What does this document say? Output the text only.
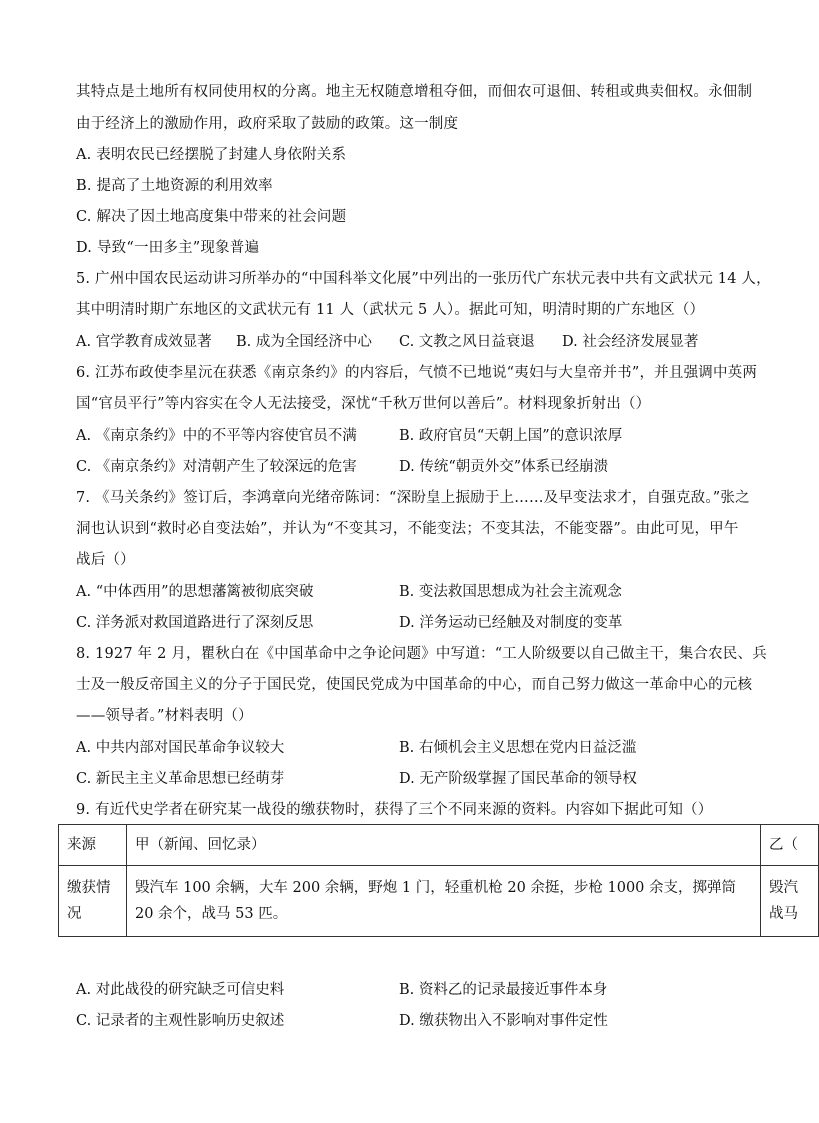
其特点是土地所有权同使用权的分离。地主无权随意增租夺佃，而佃农可退佃、转租或典卖佃权。永佃制
由于经济上的激励作用，政府采取了鼓励的政策。这一制度
A. 表明农民已经摆脱了封建人身依附关系
B. 提高了土地资源的利用效率
C. 解决了因土地高度集中带来的社会问题
D. 导致“一田多主”现象普遍
5. 广州中国农民运动讲习所举办的“中国科举文化展”中列出的一张历代广东状元表中共有文武状元 14 人，
其中明清时期广东地区的文武状元有 11 人（武状元 5 人）。据此可知，明清时期的广东地区（）
A. 官学教育成效显著 B. 成为全国经济中心 C. 文教之风日益衰退 D. 社会经济发展显著
6. 江苏布政使李星沅在获悉《南京条约》的内容后，气愤不已地说“夷妇与大皇帝并书”，并且强调中英两
国“官员平行”等内容实在令人无法接受，深忧“千秋万世何以善后”。材料现象折射出（）
A. 《南京条约》中的不平等内容使官员不满	B. 政府官员“天朝上国”的意识浓厚
C. 《南京条约》对清朝产生了较深远的危害	D. 传统“朝贡外交”体系已经崩溃
7. 《马关条约》签订后，李鸿章向光绪帝陈词：“深盼皇上振励于上……及早变法求才，自强克敌。”张之
洞也认识到“救时必自变法始”，并认为“不变其习，不能变法；不变其法，不能变器”。由此可见，甲午
战后（）
A. “中体西用”的思想藩篱被彻底突破	B. 变法救国思想成为社会主流观念
C. 洋务派对救国道路进行了深刻反思	D. 洋务运动已经触及对制度的变革
8. 1927 年 2 月，瞿秋白在《中国革命中之争论问题》中写道：“工人阶级要以自己做主干，集合农民、兵
士及一般反帝国主义的分子于国民党，使国民党成为中国革命的中心，而自己努力做这一革命中心的元核
——领导者。”材料表明（）
A. 中共内部对国民革命争议较大	B. 右倾机会主义思想在党内日益泛滥
C. 新民主主义革命思想已经萌芽	D. 无产阶级掌握了国民革命的领导权
9. 有近代史学者在研究某一战役的缴获物时，获得了三个不同来源的资料。内容如下据此可知（）
来源	甲（新闻、回忆录）	乙（
缴获情况	毁汽车 100 余辆，大车 200 余辆，野炮 1 门，轻重机枪 20 余挺，步枪 1000 余支，掷弹筒 20 余个，战马 53 匹。	毁汽战马
A. 对此战役的研究缺乏可信史料	B. 资料乙的记录最接近事件本身
C. 记录者的主观性影响历史叙述	D. 缴获物出入不影响对事件定性
